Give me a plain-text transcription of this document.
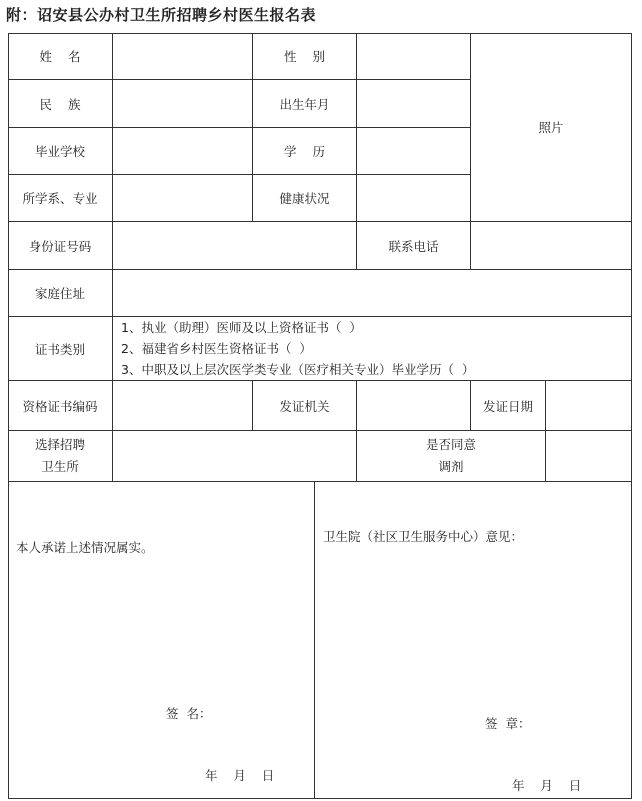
附：诏安县公办村卫生所招聘乡村医生报名表
姓    名	性    别
照片
民    族	出生年月
毕业学校	学    历
所学系、专业	健康状况
身份证号码	联系电话
家庭住址
证书类别
1、执业（助理）医师及以上资格证书（  ）
2、福建省乡村医生资格证书（  ）
3、中职及以上层次医学类专业（医疗相关专业）毕业学历（  ）
资格证书编码	发证机关	发证日期
选择招聘
卫生所
是否同意
调剂
本人承诺上述情况属实。
签  名：
年    月    日
卫生院（社区卫生服务中心）意见：
签  章：
年    月    日
